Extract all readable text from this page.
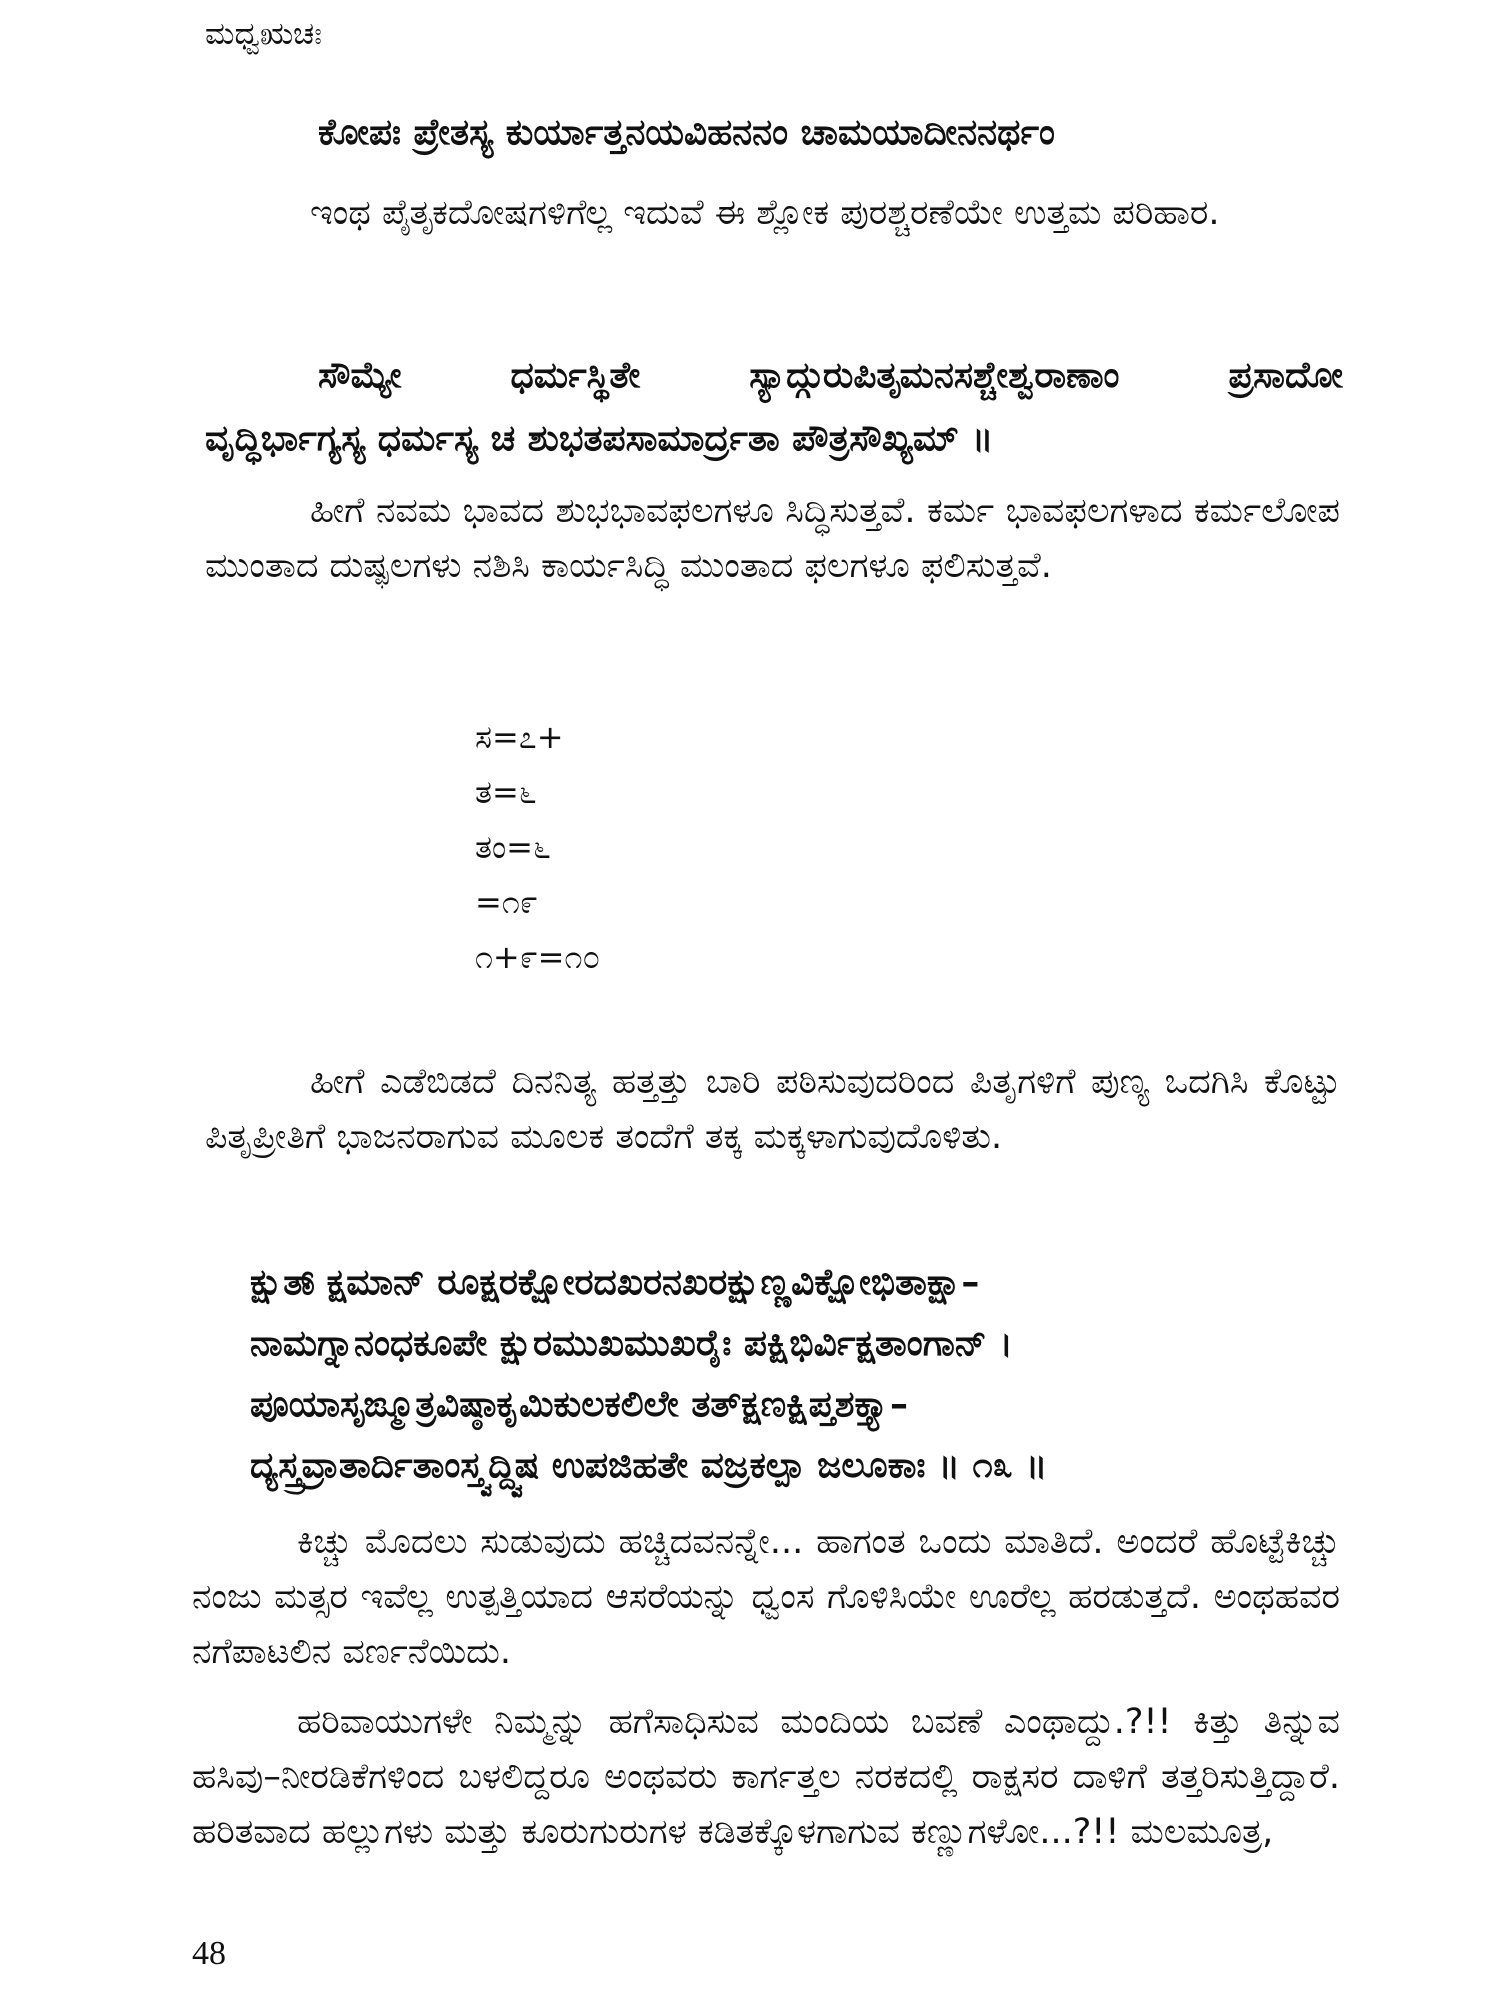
ಮಧ್ವಋಚಃ
ಕೋಪಃ ಪ್ರೇತಸ್ಯ ಕುರ್ಯಾತ್ತನಯವಿಹನನಂ ಚಾಮಯಾದೀನನರ್ಥಂ
ಇಂಥ ಪೈತೃಕದೋಷಗಳಿಗೆಲ್ಲ ಇದುವೆ ಈ ಶ್ಲೋಕ ಪುರಶ್ಚರಣೆಯೇ ಉತ್ತಮ ಪರಿಹಾರ.
ಸೌಮ್ಯೇ ಧರ್ಮಸ್ಥಿತೇ ಸ್ಯಾದ್ಗುರುಪಿತೃಮನಸಶ್ಚೇಶ್ವರಾಣಾಂ ಪ್ರಸಾದೋ
ವೃದ್ಧಿರ್ಭಾಗ್ಯಸ್ಯ ಧರ್ಮಸ್ಯ ಚ ಶುಭತಪಸಾಮಾರ್ದ್ರತಾ ಪೌತ್ರಸೌಖ್ಯಮ್ ॥
ಹೀಗೆ ನವಮ ಭಾವದ ಶುಭಭಾವಫಲಗಳೂ ಸಿದ್ಧಿಸುತ್ತವೆ. ಕರ್ಮ ಭಾವಫಲಗಳಾದ ಕರ್ಮಲೋಪ ಮುಂತಾದ ದುಷ್ಫಲಗಳು ನಶಿಸಿ ಕಾರ್ಯಸಿದ್ಧಿ ಮುಂತಾದ ಫಲಗಳೂ ಫಲಿಸುತ್ತವೆ.
ಸ=೭+
ತ=೬
ತಂ=೬
=೧೯
೧+೯=೧೦
ಹೀಗೆ ಎಡೆಬಿಡದೆ ದಿನನಿತ್ಯ ಹತ್ತತ್ತು ಬಾರಿ ಪಠಿಸುವುದರಿಂದ ಪಿತೃಗಳಿಗೆ ಪುಣ್ಯ ಒದಗಿಸಿ ಕೊಟ್ಟು ಪಿತೃಪ್ರೀತಿಗೆ ಭಾಜನರಾಗುವ ಮೂಲಕ ತಂದೆಗೆ ತಕ್ಕ ಮಕ್ಕಳಾಗುವುದೊಳಿತು.
ಕ್ಷುತ್ಕ್ಷಾಮಾನ್ ರೂಕ್ಷರಕ್ಷೋರದಖರನಖರಕ್ಷುಣ್ಣವಿಕ್ಷೋಭಿತಾಕ್ಷಾ–
ನಾಮಗ್ನಾನಂಧಕೂಪೇ ಕ್ಷುರಮುಖಮುಖರೈಃ ಪಕ್ಷಿಭಿರ್ವಿಕ್ಷತಾಂಗಾನ್ ।
ಪೂಯಾಸೃಙ್ಮೂತ್ರವಿಷ್ಠಾಕೃಮಿಕುಲಕಲಿಲೇ ತತ್ಕ್ಷಣಕ್ಷಿಪ್ತಶಕ್ತ್ಯಾ–
ದ್ಯಸ್ತ್ರವ್ರಾತಾರ್ದಿತಾಂಸ್ತ್ವದ್ದ್ವಿಷ ಉಪಜಿಹತೇ ವಜ್ರಕಲ್ಪಾ ಜಲೂಕಾಃ ॥ ೧೩ ॥
ಕಿಚ್ಚು ಮೊದಲು ಸುಡುವುದು ಹಚ್ಚಿದವನನ್ನೇ... ಹಾಗಂತ ಒಂದು ಮಾತಿದೆ. ಅಂದರೆ ಹೊಟ್ಟೆಕಿಚ್ಚು ನಂಜು ಮತ್ಸರ ಇವೆಲ್ಲ ಉತ್ಪತ್ತಿಯಾದ ಆಸರೆಯನ್ನು ಧ್ವಂಸ ಗೊಳಿಸಿಯೇ ಊರೆಲ್ಲ ಹರಡುತ್ತದೆ. ಅಂಥಹವರ ನಗೆಪಾಟಲಿನ ವರ್ಣನೆಯಿದು.
ಹರಿವಾಯುಗಳೇ ನಿಮ್ಮನ್ನು ಹಗೆಸಾಧಿಸುವ ಮಂದಿಯ ಬವಣೆ ಎಂಥಾದ್ದು.?!! ಕಿತ್ತು ತಿನ್ನುವ ಹಸಿವು–ನೀರಡಿಕೆಗಳಿಂದ ಬಳಲಿದ್ದರೂ ಅಂಥವರು ಕಾರ್ಗತ್ತಲ ನರಕದಲ್ಲಿ ರಾಕ್ಷಸರ ದಾಳಿಗೆ ತತ್ತರಿಸುತ್ತಿದ್ದಾರೆ. ಹರಿತವಾದ ಹಲ್ಲುಗಳು ಮತ್ತು ಕೂರುಗುರುಗಳ ಕಡಿತಕ್ಕೊಳಗಾಗುವ ಕಣ್ಣುಗಳೋ...?!! ಮಲಮೂತ್ರ,
48
